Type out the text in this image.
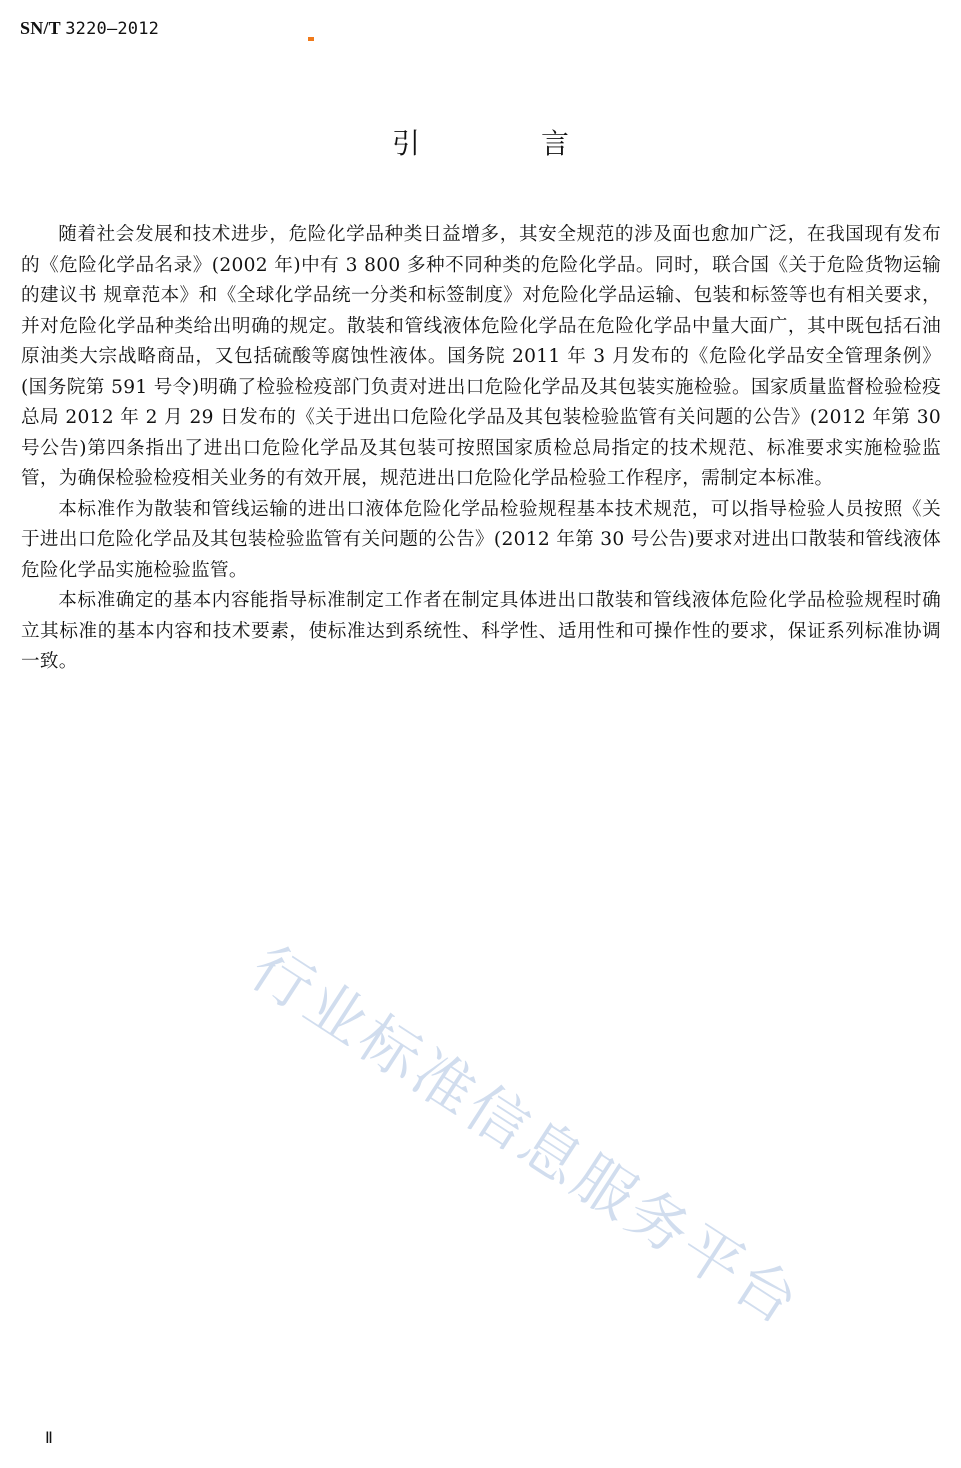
SN/T 3220—2012
引 言

随着社会发展和技术进步，危险化学品种类日益增多，其安全规范的涉及面也愈加广泛，在我国现有发布的《危险化学品名录》(2002 年)中有 3 800 多种不同种类的危险化学品。同时，联合国《关于危险货物运输的建议书 规章范本》和《全球化学品统一分类和标签制度》对危险化学品运输、包装和标签等也有相关要求，并对危险化学品种类给出明确的规定。散装和管线液体危险化学品在危险化学品中量大面广，其中既包括石油原油类大宗战略商品，又包括硫酸等腐蚀性液体。国务院 2011 年 3 月发布的《危险化学品安全管理条例》(国务院第 591 号令)明确了检验检疫部门负责对进出口危险化学品及其包装实施检验。国家质量监督检验检疫总局 2012 年 2 月 29 日发布的《关于进出口危险化学品及其包装检验监管有关问题的公告》(2012 年第 30 号公告)第四条指出了进出口危险化学品及其包装可按照国家质检总局指定的技术规范、标准要求实施检验监管，为确保检验检疫相关业务的有效开展，规范进出口危险化学品检验工作程序，需制定本标准。

本标准作为散装和管线运输的进出口液体危险化学品检验规程基本技术规范，可以指导检验人员按照《关于进出口危险化学品及其包装检验监管有关问题的公告》(2012 年第 30 号公告)要求对进出口散装和管线液体危险化学品实施检验监管。

本标准确定的基本内容能指导标准制定工作者在制定具体进出口散装和管线液体危险化学品检验规程时确立其标准的基本内容和技术要素，使标准达到系统性、科学性、适用性和可操作性的要求，保证系列标准协调一致。

行业标准信息服务平台
Ⅱ
